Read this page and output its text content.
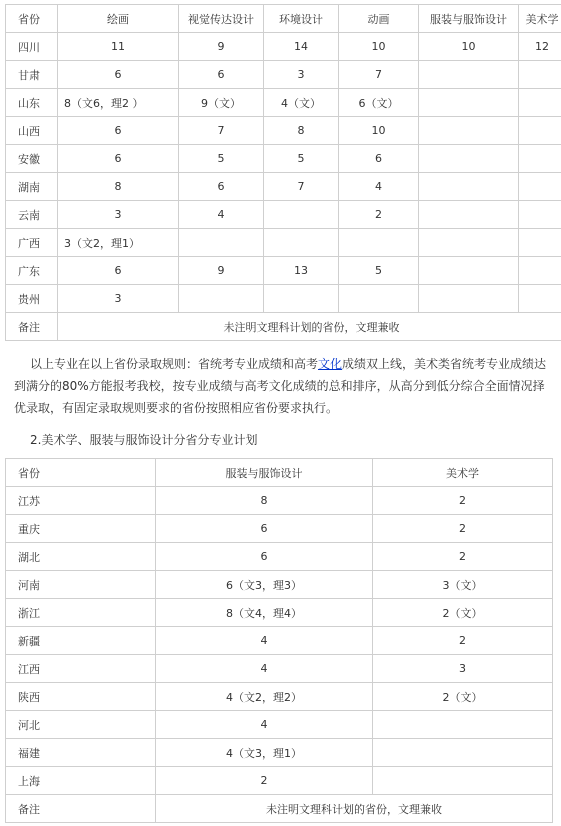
省份	绘画	视觉传达设计	环境设计	动画	服装与服饰设计	美术学
四川	11	9	14	10	10	12
甘肃	6	6	3	7		
山东	8（文6，理2 ）	9（文）	4（文）	6（文）		
山西	6	7	8	10		
安徽	6	5	5	6		
湖南	8	6	7	4		
云南	3	4		2		
广西	3（文2，理1）					
广东	6	9	13	5		
贵州	3					
备注	未注明文理科计划的省份，文理兼收					

以上专业在以上省份录取规则：省统考专业成绩和高考文化成绩双上线，美术类省统考专业成绩达到满分的80%方能报考我校，按专业成绩与高考文化成绩的总和排序，从高分到低分综合全面情况择优录取，有固定录取规则要求的省份按照相应省份要求执行。

2.美术学、服装与服饰设计分省分专业计划

省份	服装与服饰设计	美术学
江苏	8	2
重庆	6	2
湖北	6	2
河南	6（文3，理3）	3（文）
浙江	8（文4，理4）	2（文）
新疆	4	2
江西	4	3
陕西	4（文2，理2）	2（文）
河北	4	
福建	4（文3，理1）	
上海	2	
备注	未注明文理科计划的省份，文理兼收	
